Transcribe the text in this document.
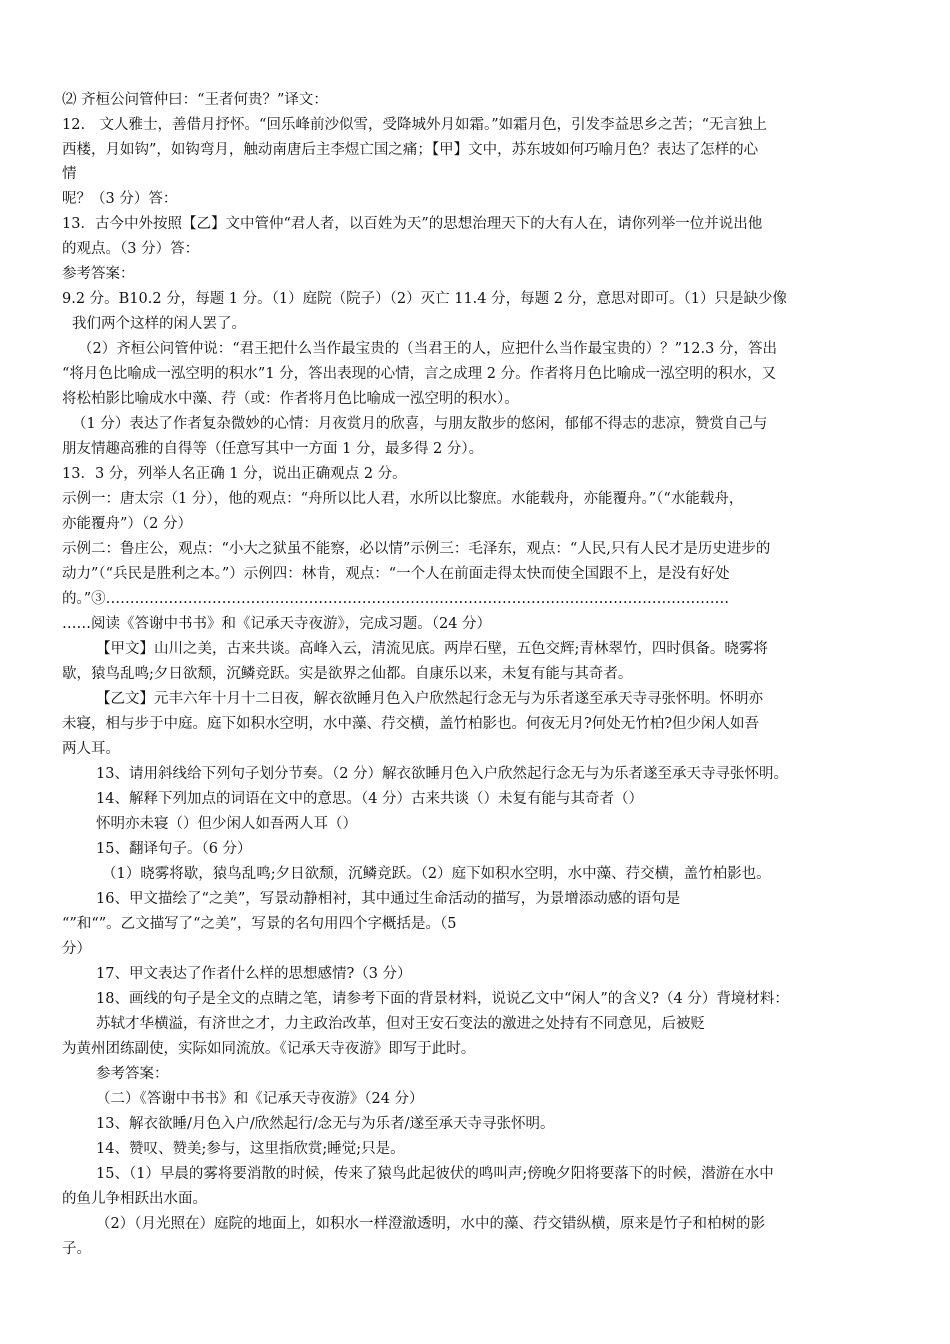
⑵ 齐桓公问管仲曰：“王者何贵？”译文：
12.　文人雅士，善借月抒怀。“回乐峰前沙似雪，受降城外月如霜。”如霜月色，引发李益思乡之苦；“无言独上
西楼，月如钩”，如钩弯月，触动南唐后主李煜亡国之痛；【甲】文中，苏东坡如何巧喻月色？表达了怎样的心
情
呢？（3 分）答：
13．古今中外按照【乙】文中管仲“君人者，以百姓为天”的思想治理天下的大有人在，请你列举一位并说出他
的观点。（3 分）答：
参考答案：
9.2 分。B10.2 分，每题 1 分。（1）庭院（院子）（2）灭亡 11.4 分，每题 2 分，意思对即可。（1）只是缺少像
我们两个这样的闲人罢了。
（2）齐桓公问管仲说：“君王把什么当作最宝贵的（当君王的人，应把什么当作最宝贵的）？”12.3 分，答出
“将月色比喻成一泓空明的积水”1 分，答出表现的心情，言之成理 2 分。作者将月色比喻成一泓空明的积水，又
将松柏影比喻成水中藻、荇（或：作者将月色比喻成一泓空明的积水）。
（1 分）表达了作者复杂微妙的心情：月夜赏月的欣喜，与朋友散步的悠闲，郁郁不得志的悲凉，赞赏自己与
朋友情趣高雅的自得等（任意写其中一方面 1 分，最多得 2 分）。
13．3 分，列举人名正确 1 分，说出正确观点 2 分。
示例一：唐太宗（1 分），他的观点：“舟所以比人君，水所以比黎庶。水能载舟，亦能覆舟。”（“水能载舟，
亦能覆舟”）（2 分）
示例二：鲁庄公，观点：“小大之狱虽不能察，必以情”示例三：毛泽东，观点：“人民,只有人民才是历史进步的
动力”（“兵民是胜利之本。”）示例四：林肯，观点：“一个人在前面走得太快而使全国跟不上，是没有好处
的。”③…………………………………………………………………………………………………………………
……阅读《答谢中书书》和《记承天寺夜游》，完成习题。（24 分）
【甲文】山川之美，古来共谈。高峰入云，清流见底。两岸石壁，五色交辉;青林翠竹，四时俱备。晓雾将
歇，猿鸟乱鸣;夕日欲颓，沉鳞竞跃。实是欲界之仙都。自康乐以来，未复有能与其奇者。
【乙文】元丰六年十月十二日夜，解衣欲睡月色入户欣然起行念无与为乐者遂至承天寺寻张怀明。怀明亦
未寝，相与步于中庭。庭下如积水空明，水中藻、荇交横，盖竹柏影也。何夜无月?何处无竹柏?但少闲人如吾
两人耳。
13、请用斜线给下列句子划分节奏。（2 分）解衣欲睡月色入户欣然起行念无与为乐者遂至承天寺寻张怀明。
14、解释下列加点的词语在文中的意思。（4 分）古来共谈（）未复有能与其奇者（）
怀明亦未寝（）但少闲人如吾两人耳（）
15、翻译句子。（6 分）
（1）晓雾将歇，猿鸟乱鸣;夕日欲颓，沉鳞竞跃。（2）庭下如积水空明，水中藻、荇交横，盖竹柏影也。
16、甲文描绘了“之美”，写景动静相衬，其中通过生命活动的描写，为景增添动感的语句是
“”和“”。乙文描写了“之美”，写景的名句用四个字概括是。（5
分）
17、甲文表达了作者什么样的思想感情?（3 分）
18、画线的句子是全文的点睛之笔，请参考下面的背景材料，说说乙文中“闲人”的含义?（4 分）背境材料：
苏轼才华横溢，有济世之才，力主政治改革，但对王安石变法的激进之处持有不同意见，后被贬
为黄州团练副使，实际如同流放。《记承天寺夜游》即写于此时。
参考答案：
（二）《答谢中书书》和《记承天寺夜游》（24 分）
13、解衣欲睡/月色入户/欣然起行/念无与为乐者/遂至承天寺寻张怀明。
14、赞叹、赞美;参与，这里指欣赏;睡觉;只是。
15、（1）早晨的雾将要消散的时候，传来了猿鸟此起彼伏的鸣叫声;傍晚夕阳将要落下的时候，潜游在水中
的鱼儿争相跃出水面。
（2）（月光照在）庭院的地面上，如积水一样澄澈透明，水中的藻、荇交错纵横，原来是竹子和柏树的影
子。
